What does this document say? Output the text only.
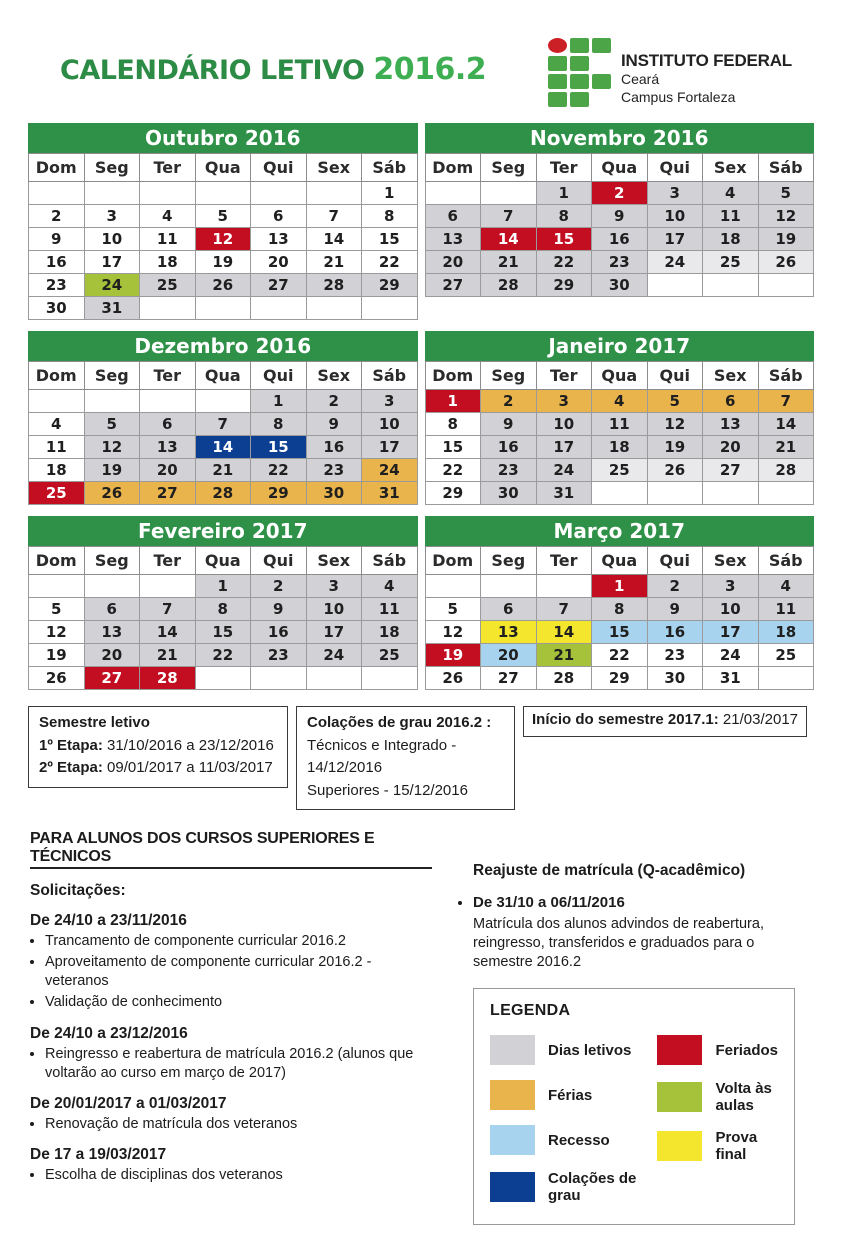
CALENDÁRIO LETIVO 2016.2	INSTITUTO FEDERAL
Ceará
Campus Fortaleza
Outubro 2016
Dom	Seg	Ter	Qua	Qui	Sex	Sáb
						1
2	3	4	5	6	7	8
9	10	11	12	13	14	15
16	17	18	19	20	21	22
23	24	25	26	27	28	29
30	31					
Novembro 2016
Dom	Seg	Ter	Qua	Qui	Sex	Sáb
		1	2	3	4	5
6	7	8	9	10	11	12
13	14	15	16	17	18	19
20	21	22	23	24	25	26
27	28	29	30			
Dezembro 2016
Dom	Seg	Ter	Qua	Qui	Sex	Sáb
				1	2	3
4	5	6	7	8	9	10
11	12	13	14	15	16	17
18	19	20	21	22	23	24
25	26	27	28	29	30	31
Janeiro 2017
Dom	Seg	Ter	Qua	Qui	Sex	Sáb
1	2	3	4	5	6	7
8	9	10	11	12	13	14
15	16	17	18	19	20	21
22	23	24	25	26	27	28
29	30	31				
Fevereiro 2017
Dom	Seg	Ter	Qua	Qui	Sex	Sáb
			1	2	3	4
5	6	7	8	9	10	11
12	13	14	15	16	17	18
19	20	21	22	23	24	25
26	27	28				
Março 2017
Dom	Seg	Ter	Qua	Qui	Sex	Sáb
			1	2	3	4
5	6	7	8	9	10	11
12	13	14	15	16	17	18
19	20	21	22	23	24	25
26	27	28	29	30	31	
Semestre letivo
1º Etapa: 31/10/2016 a 23/12/2016
2º Etapa: 09/01/2017 a 11/03/2017
Colações de grau 2016.2 :
Técnicos e Integrado - 14/12/2016
Superiores - 15/12/2016
Início do semestre 2017.1: 21/03/2017
PARA ALUNOS DOS CURSOS SUPERIORES E TÉCNICOS
Solicitações:
De 24/10 a 23/11/2016
• Trancamento de componente curricular 2016.2
• Aproveitamento de componente curricular 2016.2 - veteranos
• Validação de conhecimento
De 24/10 a 23/12/2016
• Reingresso e reabertura de matrícula 2016.2 (alunos que voltarão ao curso em março de 2017)
De 20/01/2017 a 01/03/2017
• Renovação de matrícula dos veteranos
De 17 a 19/03/2017
• Escolha de disciplinas dos veteranos
Reajuste de matrícula (Q-acadêmico)
• De 31/10 a 06/11/2016
Matrícula dos alunos advindos de reabertura, reingresso, transferidos e graduados para o semestre 2016.2
LEGENDA
Dias letivos
Férias
Recesso
Colações de grau
Feriados
Volta às aulas
Prova final
